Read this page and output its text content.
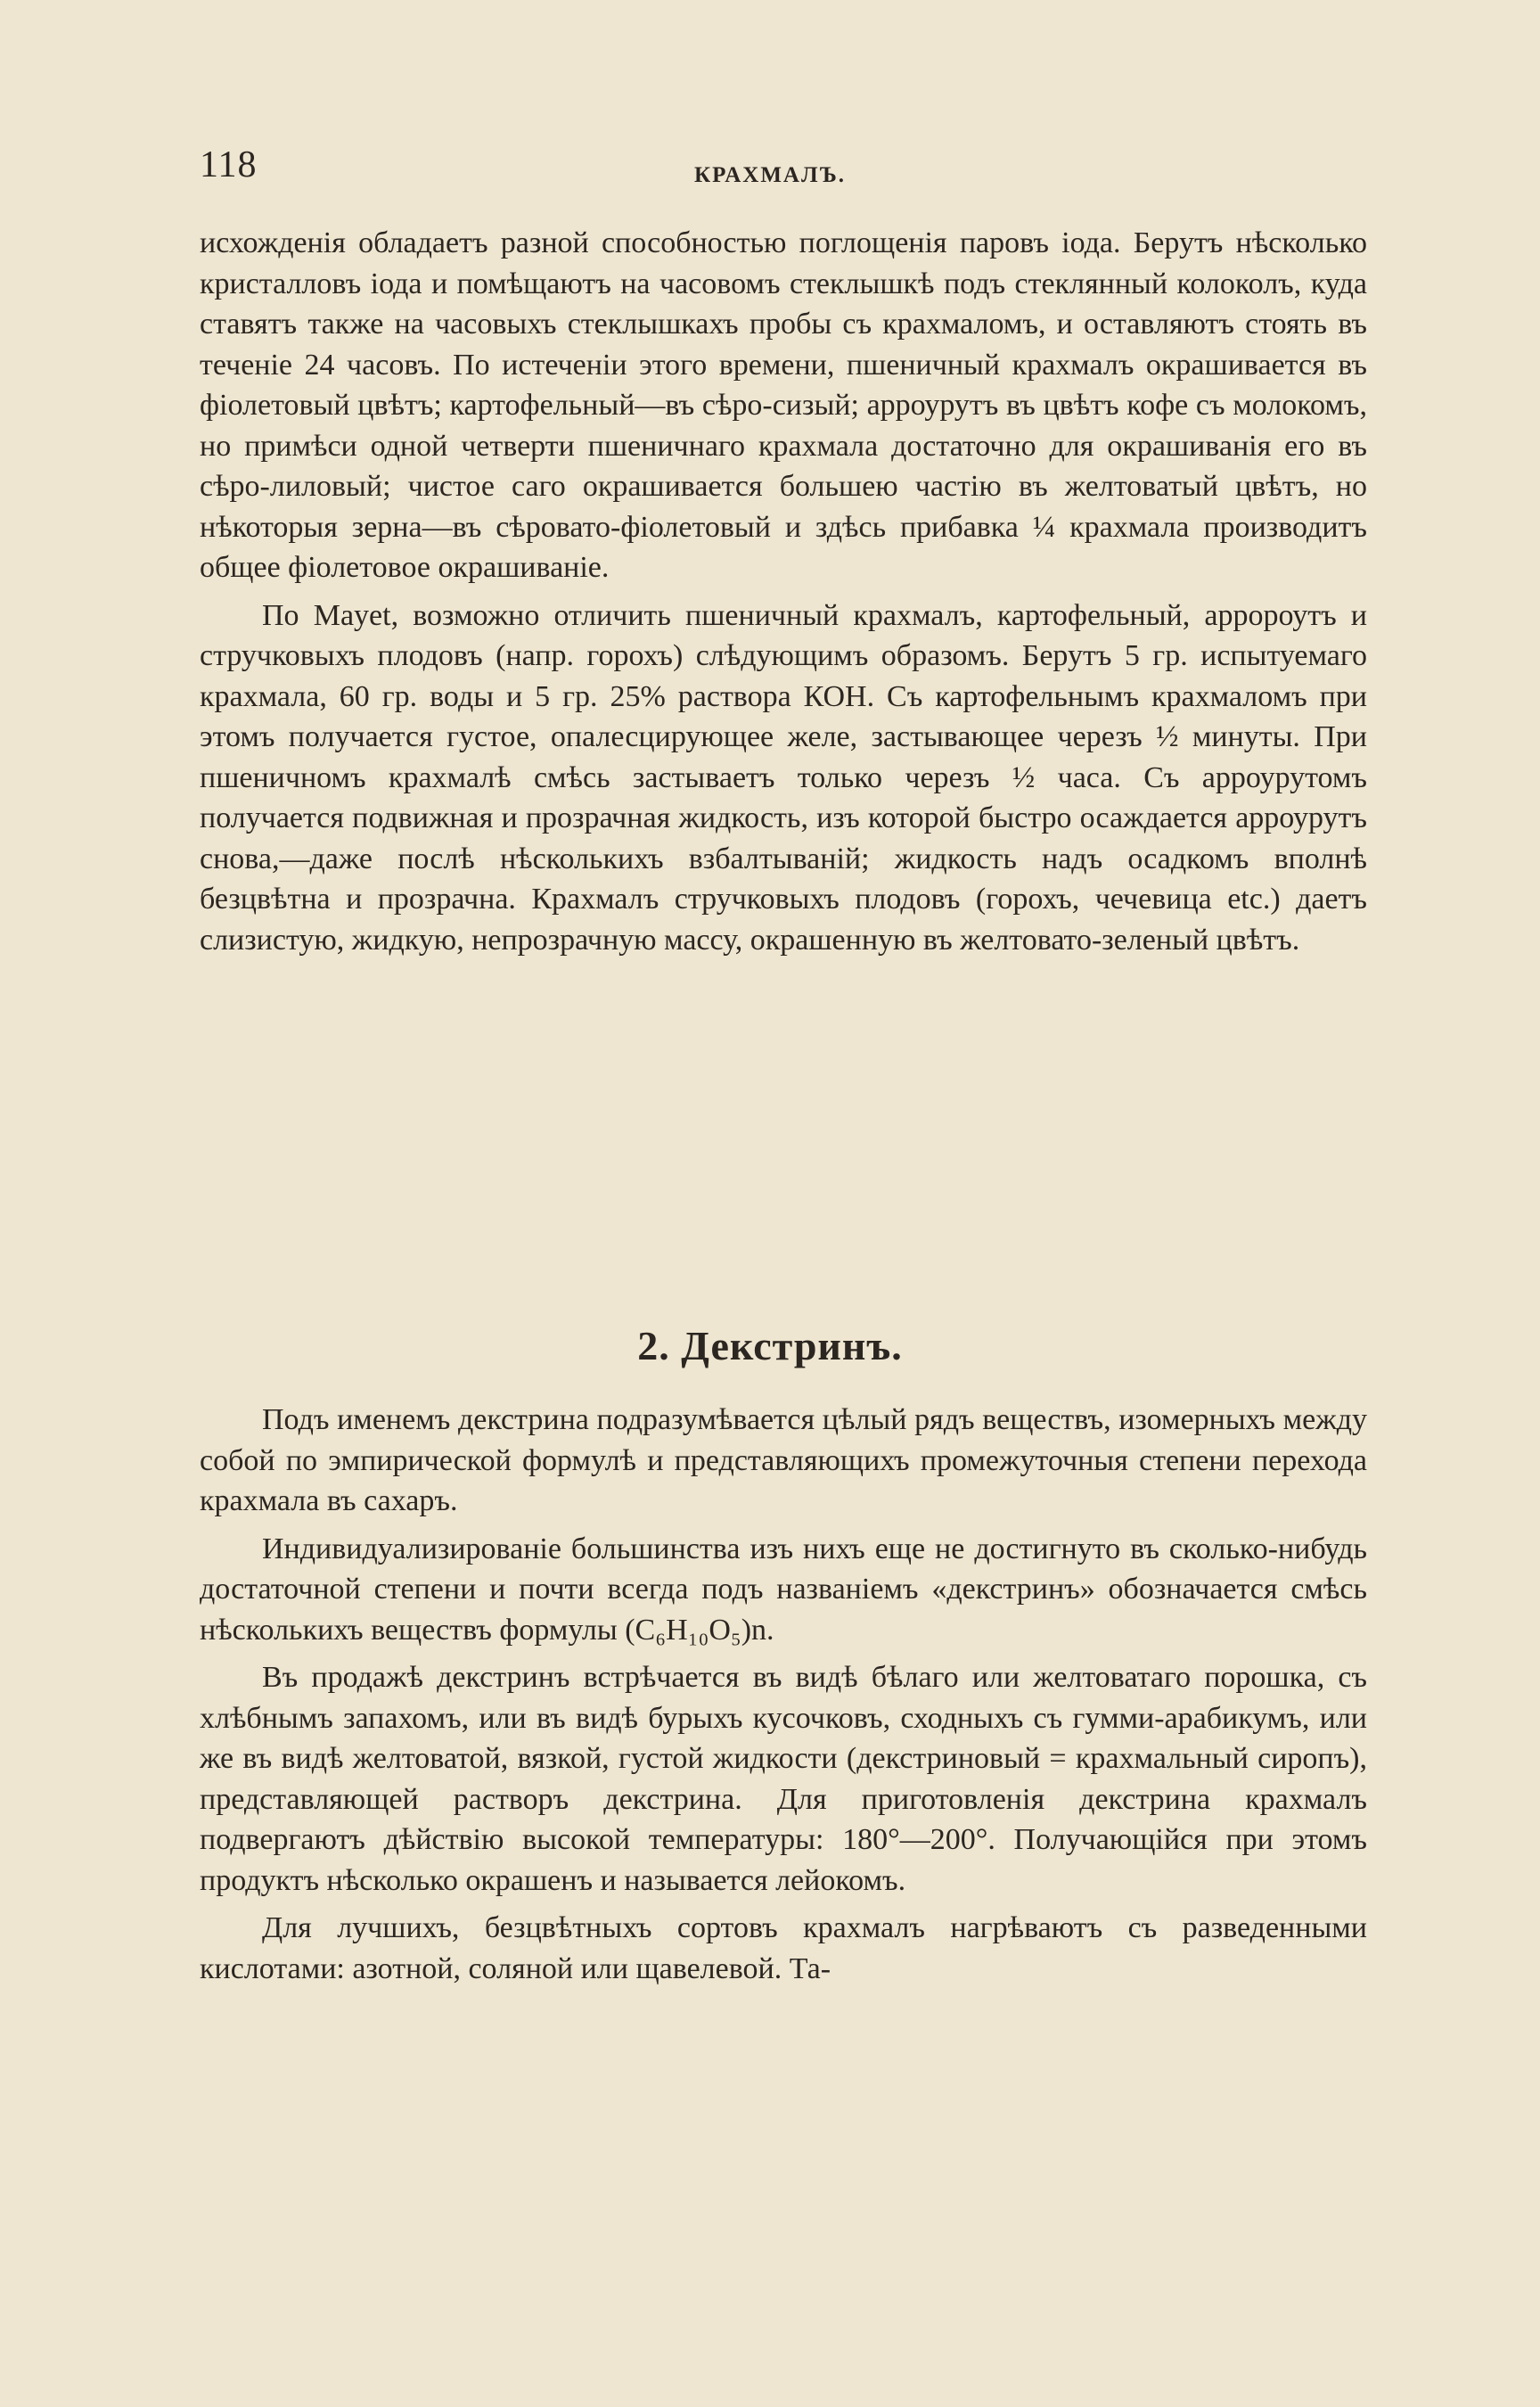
118	КРАХМАЛЪ.

исхожденія обладаетъ разной способностью поглощенія паровъ іода. Берутъ нѣсколько кристалловъ іода и помѣщаютъ на часовомъ стеклышкѣ подъ стеклянный колоколъ, куда ставятъ также на часовыхъ стеклышкахъ пробы съ крахмаломъ, и оставляютъ стоять въ теченіе 24 часовъ. По истеченіи этого времени, пшеничный крахмалъ окрашивается въ фіолетовый цвѣтъ; картофельный—въ сѣро-сизый; арроурутъ въ цвѣтъ кофе съ молокомъ, но примѣси одной четверти пшеничнаго крахмала достаточно для окрашиванія его въ сѣро-лиловый; чистое саго окрашивается большею частію въ желтоватый цвѣтъ, но нѣкоторыя зерна—въ сѣровато-фіолетовый и здѣсь прибавка ¼ крахмала производитъ общее фіолетовое окрашиваніе.

По Mayet, возможно отличить пшеничный крахмалъ, картофельный, арророутъ и стручковыхъ плодовъ (напр. горохъ) слѣдующимъ образомъ. Берутъ 5 гр. испытуемаго крахмала, 60 гр. воды и 5 гр. 25% раствора КОН. Съ картофельнымъ крахмаломъ при этомъ получается густое, опалесцирующее желе, застывающее черезъ ½ минуты. При пшеничномъ крахмалѣ смѣсь застываетъ только черезъ ½ часа. Съ арроурутомъ получается подвижная и прозрачная жидкость, изъ которой быстро осаждается арроурутъ снова,—даже послѣ нѣсколькихъ взбалтываній; жидкость надъ осадкомъ вполнѣ безцвѣтна и прозрачна. Крахмалъ стручковыхъ плодовъ (горохъ, чечевица etc.) даетъ слизистую, жидкую, непрозрачную массу, окрашенную въ желтовато-зеленый цвѣтъ.

2. Декстринъ.

Подъ именемъ декстрина подразумѣвается цѣлый рядъ веществъ, изомерныхъ между собой по эмпирической формулѣ и представляющихъ промежуточныя степени перехода крахмала въ сахаръ.

Индивидуализированіе большинства изъ нихъ еще не достигнуто въ сколько-нибудь достаточной степени и почти всегда подъ названіемъ «декстринъ» обозначается смѣсь нѣсколькихъ веществъ формулы (C₆H₁₀O₅)n.

Въ продажѣ декстринъ встрѣчается въ видѣ бѣлаго или желтоватаго порошка, съ хлѣбнымъ запахомъ, или въ видѣ бурыхъ кусочковъ, сходныхъ съ гумми-арабикумъ, или же въ видѣ желтоватой, вязкой, густой жидкости (декстриновый = крахмальный сиропъ), представляющей растворъ декстрина. Для приготовленія декстрина крахмалъ подвергаютъ дѣйствію высокой температуры: 180°—200°. Получающійся при этомъ продуктъ нѣсколько окрашенъ и называется лейокомъ.

Для лучшихъ, безцвѣтныхъ сортовъ крахмалъ нагрѣваютъ съ разведенными кислотами: азотной, соляной или щавелевой. Та-
